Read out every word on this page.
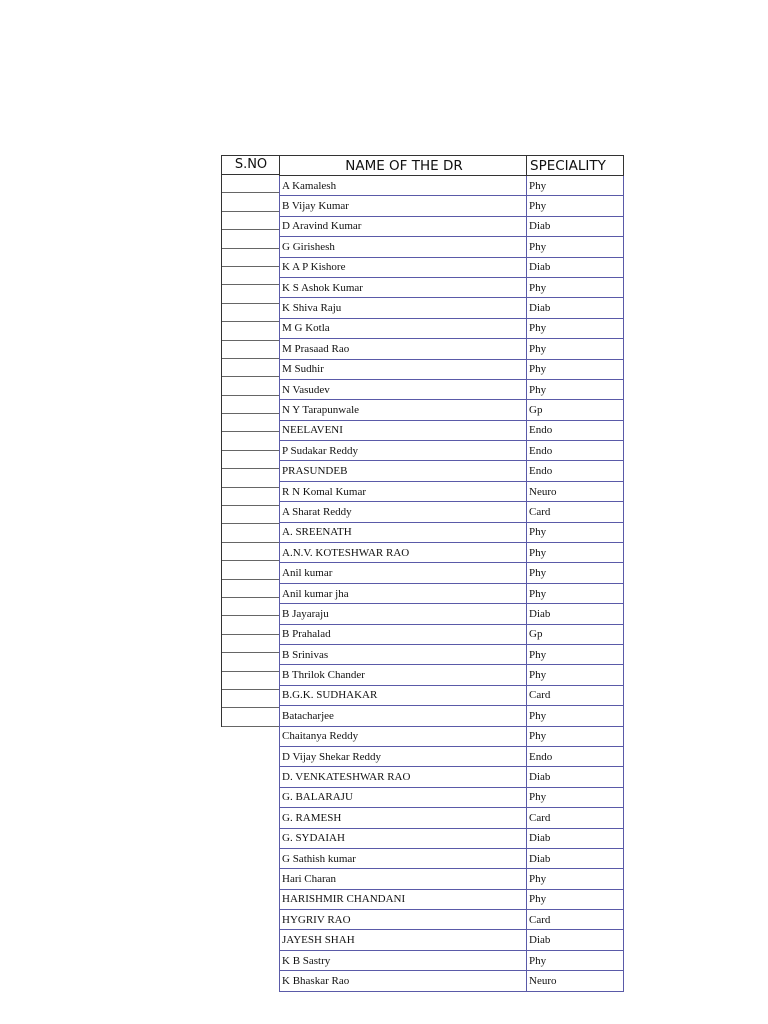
S.NO	NAME OF THE DR	SPECIALITY
A Kamalesh	Phy
B Vijay Kumar	Phy
D Aravind Kumar	Diab
G Girishesh	Phy
K A P Kishore	Diab
K S Ashok Kumar	Phy
K Shiva Raju	Diab
M G Kotla	Phy
M Prasaad Rao	Phy
M Sudhir	Phy
N Vasudev	Phy
N Y Tarapunwale	Gp
NEELAVENI	Endo
P Sudakar Reddy	Endo
PRASUNDEB	Endo
R N Komal Kumar	Neuro
A Sharat Reddy	Card
A. SREENATH	Phy
A.N.V. KOTESHWAR RAO	Phy
Anil kumar	Phy
Anil kumar jha	Phy
B Jayaraju	Diab
B Prahalad	Gp
B Srinivas	Phy
B Thrilok Chander	Phy
B.G.K. SUDHAKAR	Card
Batacharjee	Phy
Chaitanya Reddy	Phy
D Vijay Shekar Reddy	Endo
D. VENKATESHWAR RAO	Diab
G. BALARAJU	Phy
G. RAMESH	Card
G. SYDAIAH	Diab
G Sathish kumar	Diab
Hari Charan	Phy
HARISHMIR CHANDANI	Phy
HYGRIV RAO	Card
JAYESH SHAH	Diab
K B Sastry	Phy
K Bhaskar Rao	Neuro
